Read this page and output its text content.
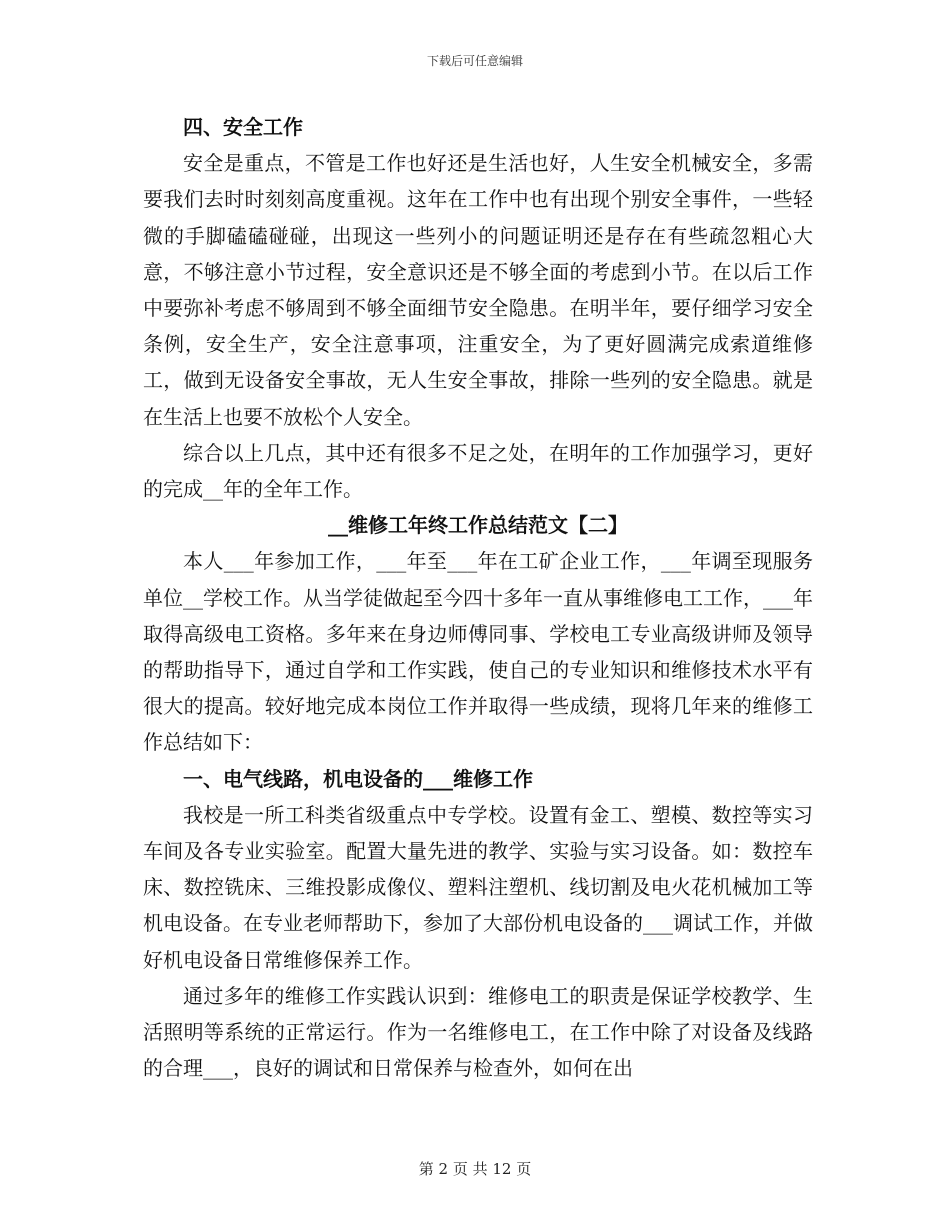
下载后可任意编辑

四、安全工作

安全是重点，不管是工作也好还是生活也好，人生安全机械安全，多需要我们去时时刻刻高度重视。这年在工作中也有出现个别安全事件，一些轻微的手脚磕磕碰碰，出现这一些列小的问题证明还是存在有些疏忽粗心大意，不够注意小节过程，安全意识还是不够全面的考虑到小节。在以后工作中要弥补考虑不够周到不够全面细节安全隐患。在明半年，要仔细学习安全条例，安全生产，安全注意事项，注重安全，为了更好圆满完成索道维修工，做到无设备安全事故，无人生安全事故，排除一些列的安全隐患。就是在生活上也要不放松个人安全。

综合以上几点，其中还有很多不足之处，在明年的工作加强学习，更好的完成__年的全年工作。

__维修工年终工作总结范文【二】

本人___年参加工作，___年至___年在工矿企业工作，___年调至现服务单位__学校工作。从当学徒做起至今四十多年一直从事维修电工工作，___年取得高级电工资格。多年来在身边师傅同事、学校电工专业高级讲师及领导的帮助指导下，通过自学和工作实践，使自己的专业知识和维修技术水平有很大的提高。较好地完成本岗位工作并取得一些成绩，现将几年来的维修工作总结如下：

一、电气线路，机电设备的___维修工作

我校是一所工科类省级重点中专学校。设置有金工、塑模、数控等实习车间及各专业实验室。配置大量先进的教学、实验与实习设备。如：数控车床、数控铣床、三维投影成像仪、塑料注塑机、线切割及电火花机械加工等机电设备。在专业老师帮助下，参加了大部份机电设备的___调试工作，并做好机电设备日常维修保养工作。

通过多年的维修工作实践认识到：维修电工的职责是保证学校教学、生活照明等系统的正常运行。作为一名维修电工，在工作中除了对设备及线路的合理___，良好的调试和日常保养与检查外，如何在出

第 2 页 共 12 页
